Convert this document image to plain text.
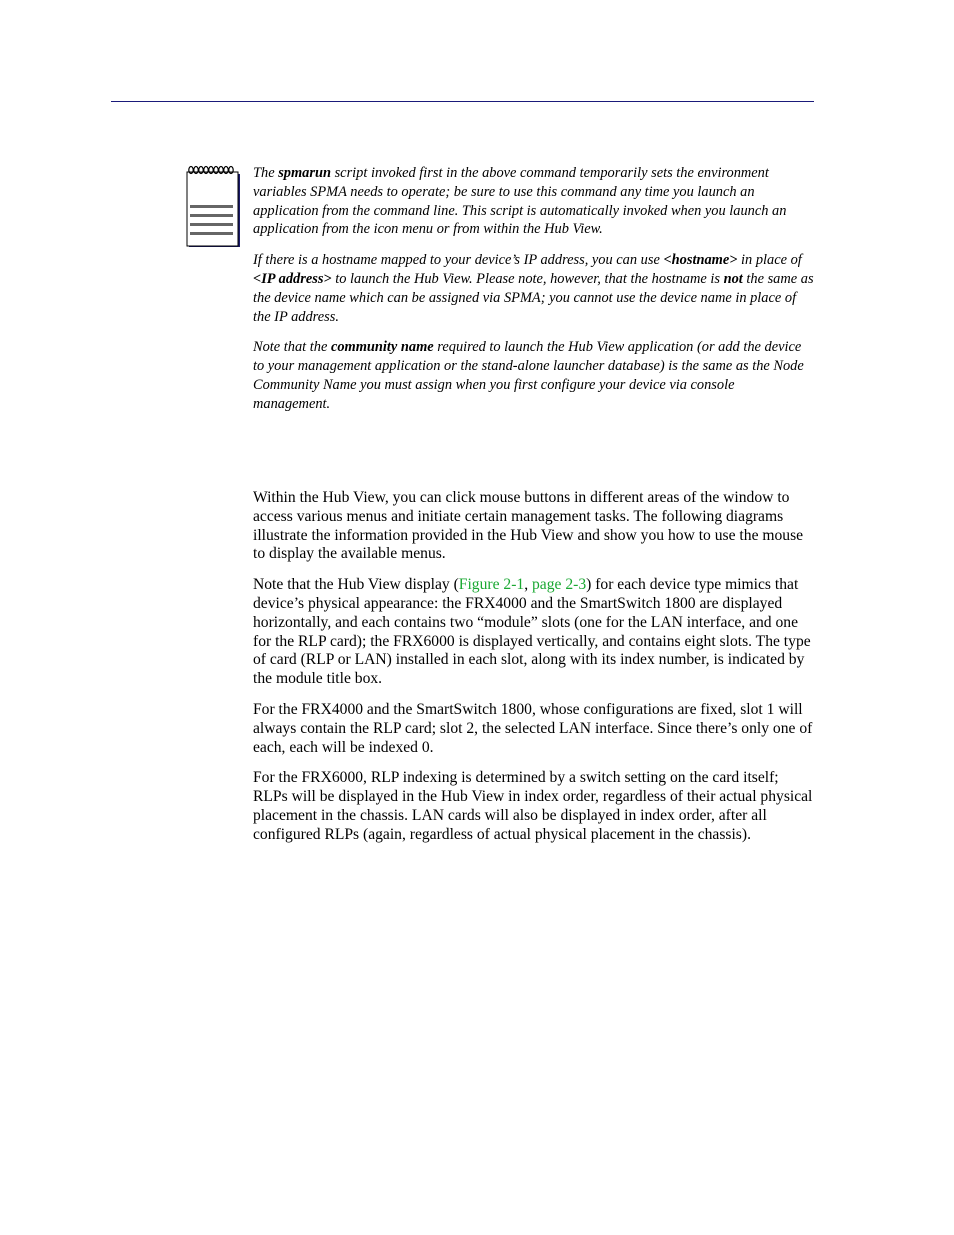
The spmarun script invoked first in the above command temporarily sets the environment variables SPMA needs to operate; be sure to use this command any time you launch an application from the command line. This script is automatically invoked when you launch an application from the icon menu or from within the Hub View.

If there is a hostname mapped to your device’s IP address, you can use <hostname> in place of <IP address> to launch the Hub View. Please note, however, that the hostname is not the same as the device name which can be assigned via SPMA; you cannot use the device name in place of the IP address.

Note that the community name required to launch the Hub View application (or add the device to your management application or the stand-alone launcher database) is the same as the Node Community Name you must assign when you first configure your device via console management.

Within the Hub View, you can click mouse buttons in different areas of the window to access various menus and initiate certain management tasks. The following diagrams illustrate the information provided in the Hub View and show you how to use the mouse to display the available menus.

Note that the Hub View display (Figure 2-1, page 2-3) for each device type mimics that device’s physical appearance: the FRX4000 and the SmartSwitch 1800 are displayed horizontally, and each contains two “module” slots (one for the LAN interface, and one for the RLP card); the FRX6000 is displayed vertically, and contains eight slots. The type of card (RLP or LAN) installed in each slot, along with its index number, is indicated by the module title box.

For the FRX4000 and the SmartSwitch 1800, whose configurations are fixed, slot 1 will always contain the RLP card; slot 2, the selected LAN interface. Since there’s only one of each, each will be indexed 0.

For the FRX6000, RLP indexing is determined by a switch setting on the card itself; RLPs will be displayed in the Hub View in index order, regardless of their actual physical placement in the chassis. LAN cards will also be displayed in index order, after all configured RLPs (again, regardless of actual physical placement in the chassis).
